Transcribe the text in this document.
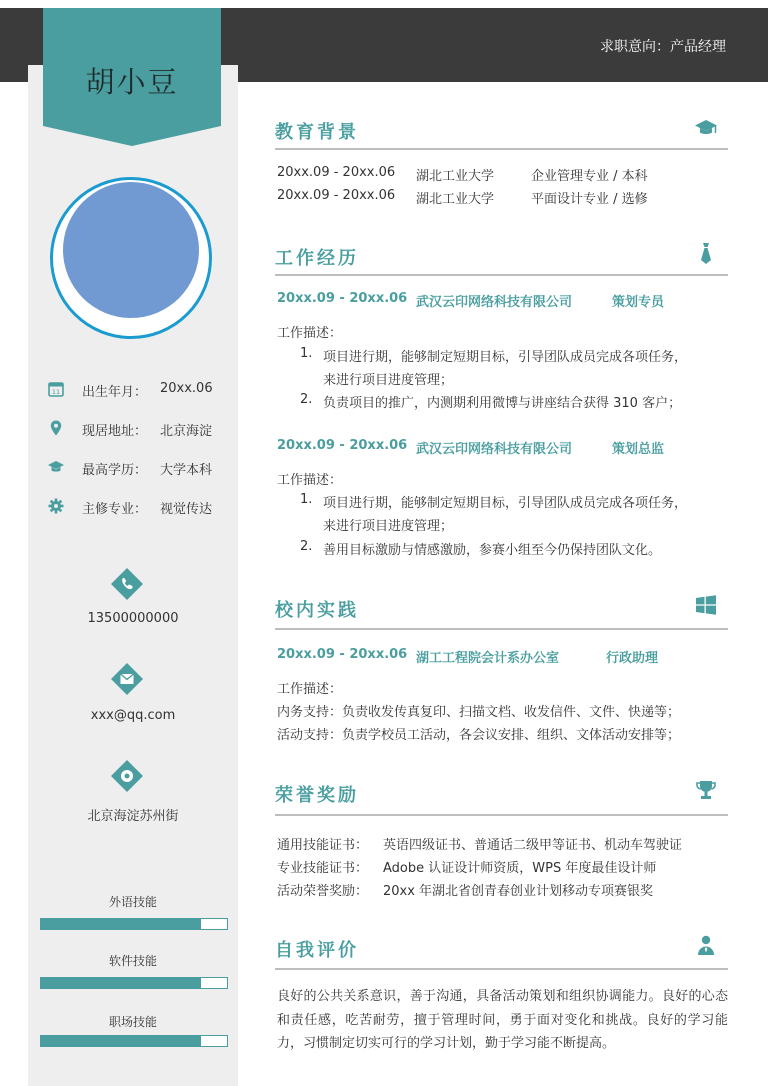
求职意向：产品经理
胡小豆
11 出生年月： 20xx.06
现居地址： 北京海淀
最高学历： 大学本科
主修专业： 视觉传达
13500000000
xxx@qq.com
北京海淀苏州街
外语技能
软件技能
职场技能
教育背景
20xx.09 - 20xx.06 湖北工业大学	企业管理专业 / 本科
20xx.09 - 20xx.06 湖北工业大学	平面设计专业 / 选修
工作经历
20xx.09 - 20xx.06 武汉云印网络科技有限公司	策划专员
工作描述：
1. 项目进行期，能够制定短期目标，引导团队成员完成各项任务，
来进行项目进度管理；
2. 负责项目的推广，内测期利用微博与讲座结合获得 310 客户；
20xx.09 - 20xx.06 武汉云印网络科技有限公司	策划总监
工作描述：
1. 项目进行期，能够制定短期目标，引导团队成员完成各项任务，
来进行项目进度管理；
2. 善用目标激励与情感激励，参赛小组至今仍保持团队文化。
校内实践
20xx.09 - 20xx.06 湖工工程院会计系办公室	行政助理
工作描述：
内务支持：负责收发传真复印、扫描文档、收发信件、文件、快递等；
活动支持：负责学校员工活动，各会议安排、组织、文体活动安排等；
荣誉奖励
通用技能证书： 英语四级证书、普通话二级甲等证书、机动车驾驶证
专业技能证书： Adobe 认证设计师资质，WPS 年度最佳设计师
活动荣誉奖励： 20xx 年湖北省创青春创业计划移动专项赛银奖
自我评价
良好的公共关系意识，善于沟通，具备活动策划和组织协调能力。良好的心态和责任感，吃苦耐劳，擅于管理时间，勇于面对变化和挑战。良好的学习能力，习惯制定切实可行的学习计划，勤于学习能不断提高。
